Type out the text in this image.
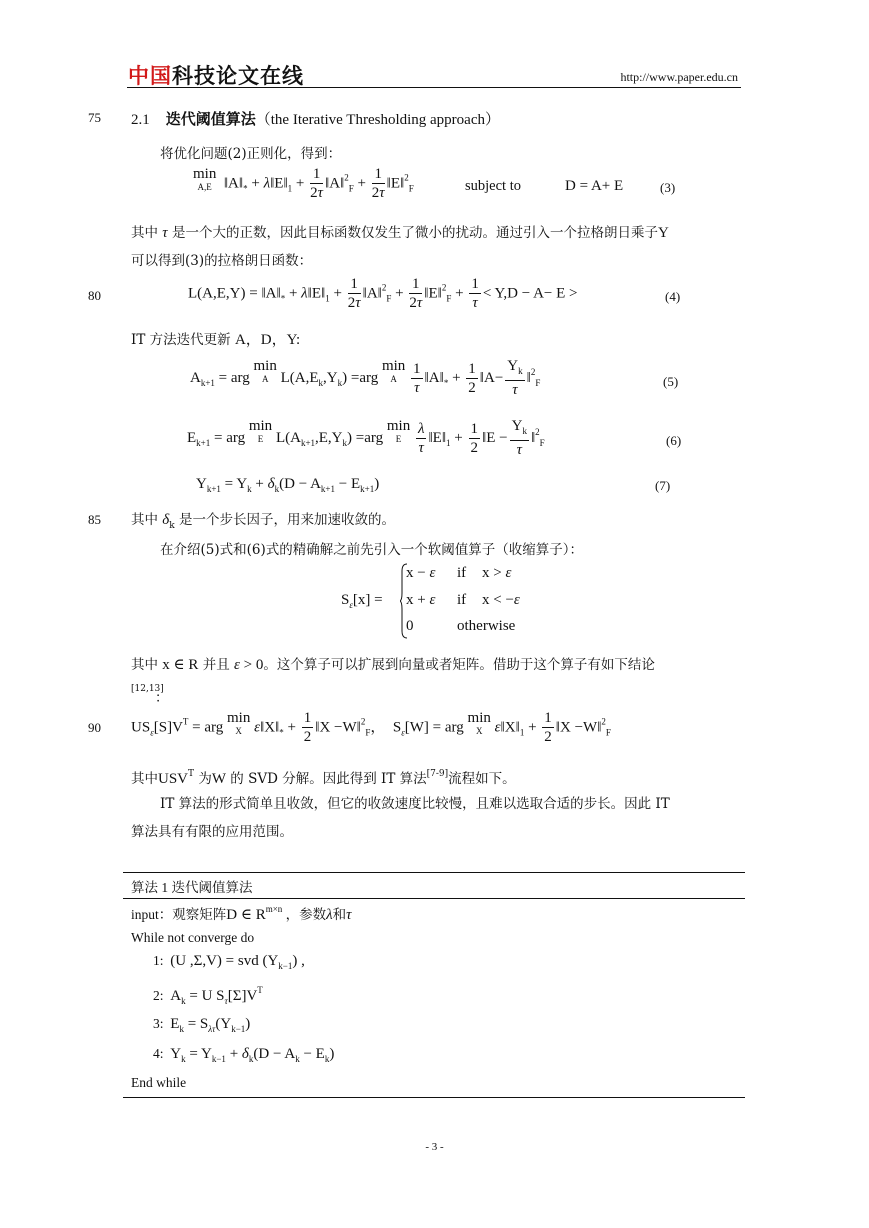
中国科技论文在线	http://www.paper.edu.cn
75
80
85
90
2.1 迭代阈值算法（the Iterative Thresholding approach）
将优化问题(2)正则化，得到：
min
A,E $‖A‖_*$ + $\lambda‖E‖_1 + \frac{1}{2\tau}$ ‖A‖$^2_F$ + $\frac{1}{2\tau}$ ‖E‖$^2_F$	subject to	D = A+ E	(3)
其中 τ 是一个大的正数，因此目标函数仅发生了微小的扰动。通过引入一个拉格朗日乘子Y
可以得到(3)的拉格朗日函数：
$L(A,E,Y) = ‖A‖_*$ + $\lambda‖E‖_1 + \frac{1}{2\tau}$ ‖A‖$^2_F$ + $\frac{1}{2\tau}$ ‖E‖$^2_F$ + $\frac{1}{\tau} < Y,D - A- E$ >	(4)
IT 方法迭代更新 A，D，Y:
$A_{k+1}$ = arg min
A $L(A,E_k,Y_k) =arg$ min
A
$\frac{1}{\tau}$ $‖A‖_* + \frac{1}{2}$ ‖A− $\frac{Y_k}{\tau}$ ‖$^2_F$	(5)
$E_{k+1}$ = arg min
E $L(A_{k+1},E,Y_k) =arg$ min
E
$\frac{\lambda}{\tau}$ $‖E‖_1 + \frac{1}{2}$ ‖E − $\frac{Y_k}{\tau}$ ‖$^2_F$	(6)
$Y_{k+1} = Y_k + \delta_k(D - A_{k+1} - E_{k+1})$	(7)
其中 $\delta_k$ 是一个步长因子，用来加速收敛的。
在介绍(5)式和(6)式的精确解之前先引入一个软阈值算子（收缩算子）：
$S_\varepsilon[x]$ =
x − ε if x > ε
x + ε if x < −ε
0	otherwise
其中 x ∈ R 并且 ε > 0。这个算子可以扩展到向量或者矩阵。借助于这个算子有如下结论
[12,13]
：
$US_\varepsilon[S]V^T$ = arg min
X $\varepsilon‖X‖_* + \frac{1}{2}$ ‖X −W‖$^2_F$，  $S_\varepsilon[W]$ = arg min
X $\varepsilon‖X‖_1 + \frac{1}{2}$ ‖X −W‖$^2_F$
其中$USV^T$ 为W 的 SVD 分解。因此得到 IT 算法[7-9]流程如下。
IT 算法的形式简单且收敛，但它的收敛速度比较慢，且难以选取合适的步长。因此 IT
算法具有有限的应用范围。
算法 1 迭代阈值算法
input：观察矩阵D ∈ $R^{m\times n}$ ，参数λ和τ
While not converge do
1: (U ,Σ,V) = svd $(Y_{k-1})$ ,
2: $A_k = U$ $S_\tau[\Sigma]V^T$
3: $E_k = S_{\lambda\tau}(Y_{k-1})$
4: $Y_k = Y_{k-1} + \delta_k(D - A_k - E_k)$
End while
- 3 -
